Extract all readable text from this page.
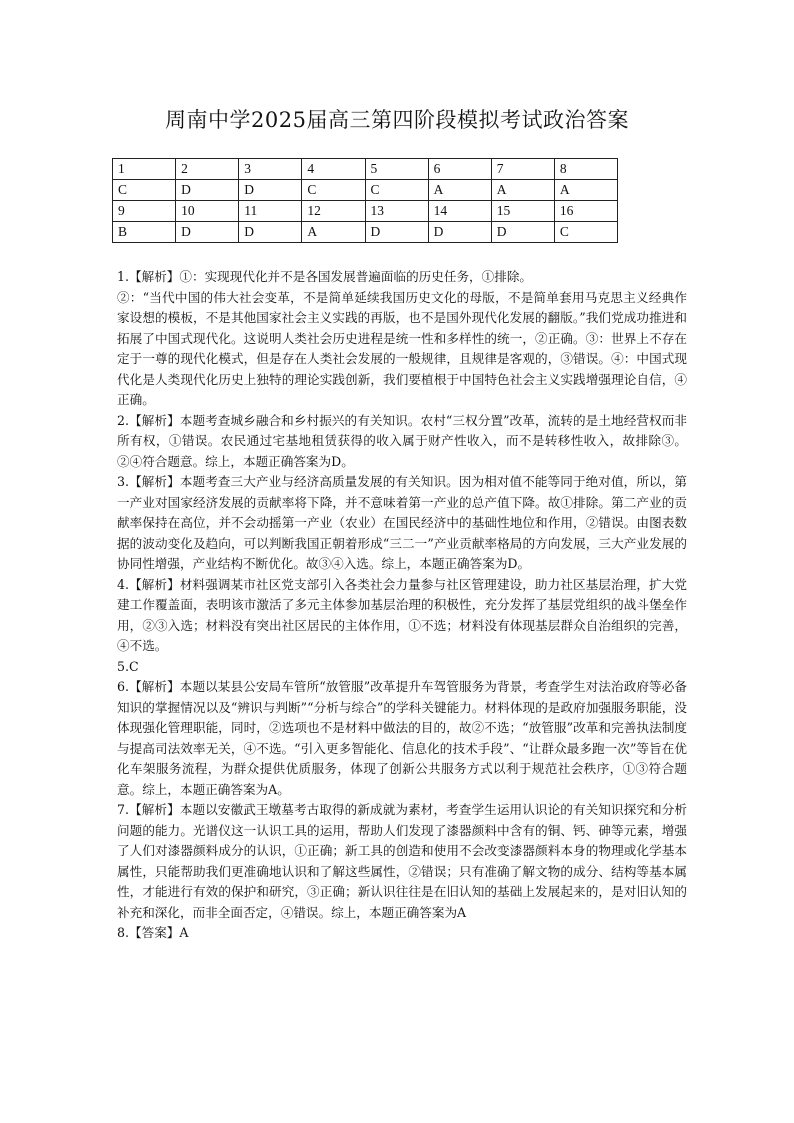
周南中学2025届高三第四阶段模拟考试政治答案
1	2	3	4	5	6	7	8
C	D	D	C	C	A	A	A
9	10	11	12	13	14	15	16
B	D	D	A	D	D	D	C

1.【解析】①：实现现代化并不是各国发展普遍面临的历史任务，①排除。

②：“当代中国的伟大社会变革，不是简单延续我国历史文化的母版，不是简单套用马克思主义经典作家设想的模板，不是其他国家社会主义实践的再版，也不是国外现代化发展的翻版。”我们党成功推进和拓展了中国式现代化。这说明人类社会历史进程是统一性和多样性的统一，②正确。③：世界上不存在定于一尊的现代化模式，但是存在人类社会发展的一般规律，且规律是客观的，③错误。④：中国式现代化是人类现代化历史上独特的理论实践创新，我们要植根于中国特色社会主义实践增强理论自信，④正确。

2.【解析】本题考查城乡融合和乡村振兴的有关知识。农村“三权分置”改革，流转的是土地经营权而非所有权，①错误。农民通过宅基地租赁获得的收入属于财产性收入，而不是转移性收入，故排除③。②④符合题意。综上，本题正确答案为D。

3.【解析】本题考查三大产业与经济高质量发展的有关知识。因为相对值不能等同于绝对值，所以，第一产业对国家经济发展的贡献率将下降，并不意味着第一产业的总产值下降。故①排除。第二产业的贡献率保持在高位，并不会动摇第一产业（农业）在国民经济中的基础性地位和作用，②错误。由图表数据的波动变化及趋向，可以判断我国正朝着形成“三二一”产业贡献率格局的方向发展，三大产业发展的协同性增强，产业结构不断优化。故③④入选。综上，本题正确答案为D。

4.【解析】材料强调某市社区党支部引入各类社会力量参与社区管理建设，助力社区基层治理，扩大党建工作覆盖面，表明该市激活了多元主体参加基层治理的积极性，充分发挥了基层党组织的战斗堡垒作用，②③入选；材料没有突出社区居民的主体作用，①不选；材料没有体现基层群众自治组织的完善，④不选。

5.C

6.【解析】本题以某县公安局车管所“放管服”改革提升车驾管服务为背景，考查学生对法治政府等必备知识的掌握情况以及“辨识与判断”“分析与综合”的学科关键能力。材料体现的是政府加强服务职能，没体现强化管理职能，同时，②选项也不是材料中做法的目的，故②不选；“放管服”改革和完善执法制度与提高司法效率无关，④不选。“引入更多智能化、信息化的技术手段”、“让群众最多跑一次”等旨在优化车架服务流程，为群众提供优质服务，体现了创新公共服务方式以利于规范社会秩序，①③符合题意。综上，本题正确答案为A。

7.【解析】本题以安徽武王墩墓考古取得的新成就为素材，考查学生运用认识论的有关知识探究和分析问题的能力。光谱仪这一认识工具的运用，帮助人们发现了漆器颜料中含有的铜、钙、砷等元素，增强了人们对漆器颜料成分的认识，①正确；新工具的创造和使用不会改变漆器颜料本身的物理或化学基本属性，只能帮助我们更准确地认识和了解这些属性，②错误；只有准确了解文物的成分、结构等基本属性，才能进行有效的保护和研究，③正确；新认识往往是在旧认知的基础上发展起来的，是对旧认知的补充和深化，而非全面否定，④错误。综上，本题正确答案为A

8.【答案】A
